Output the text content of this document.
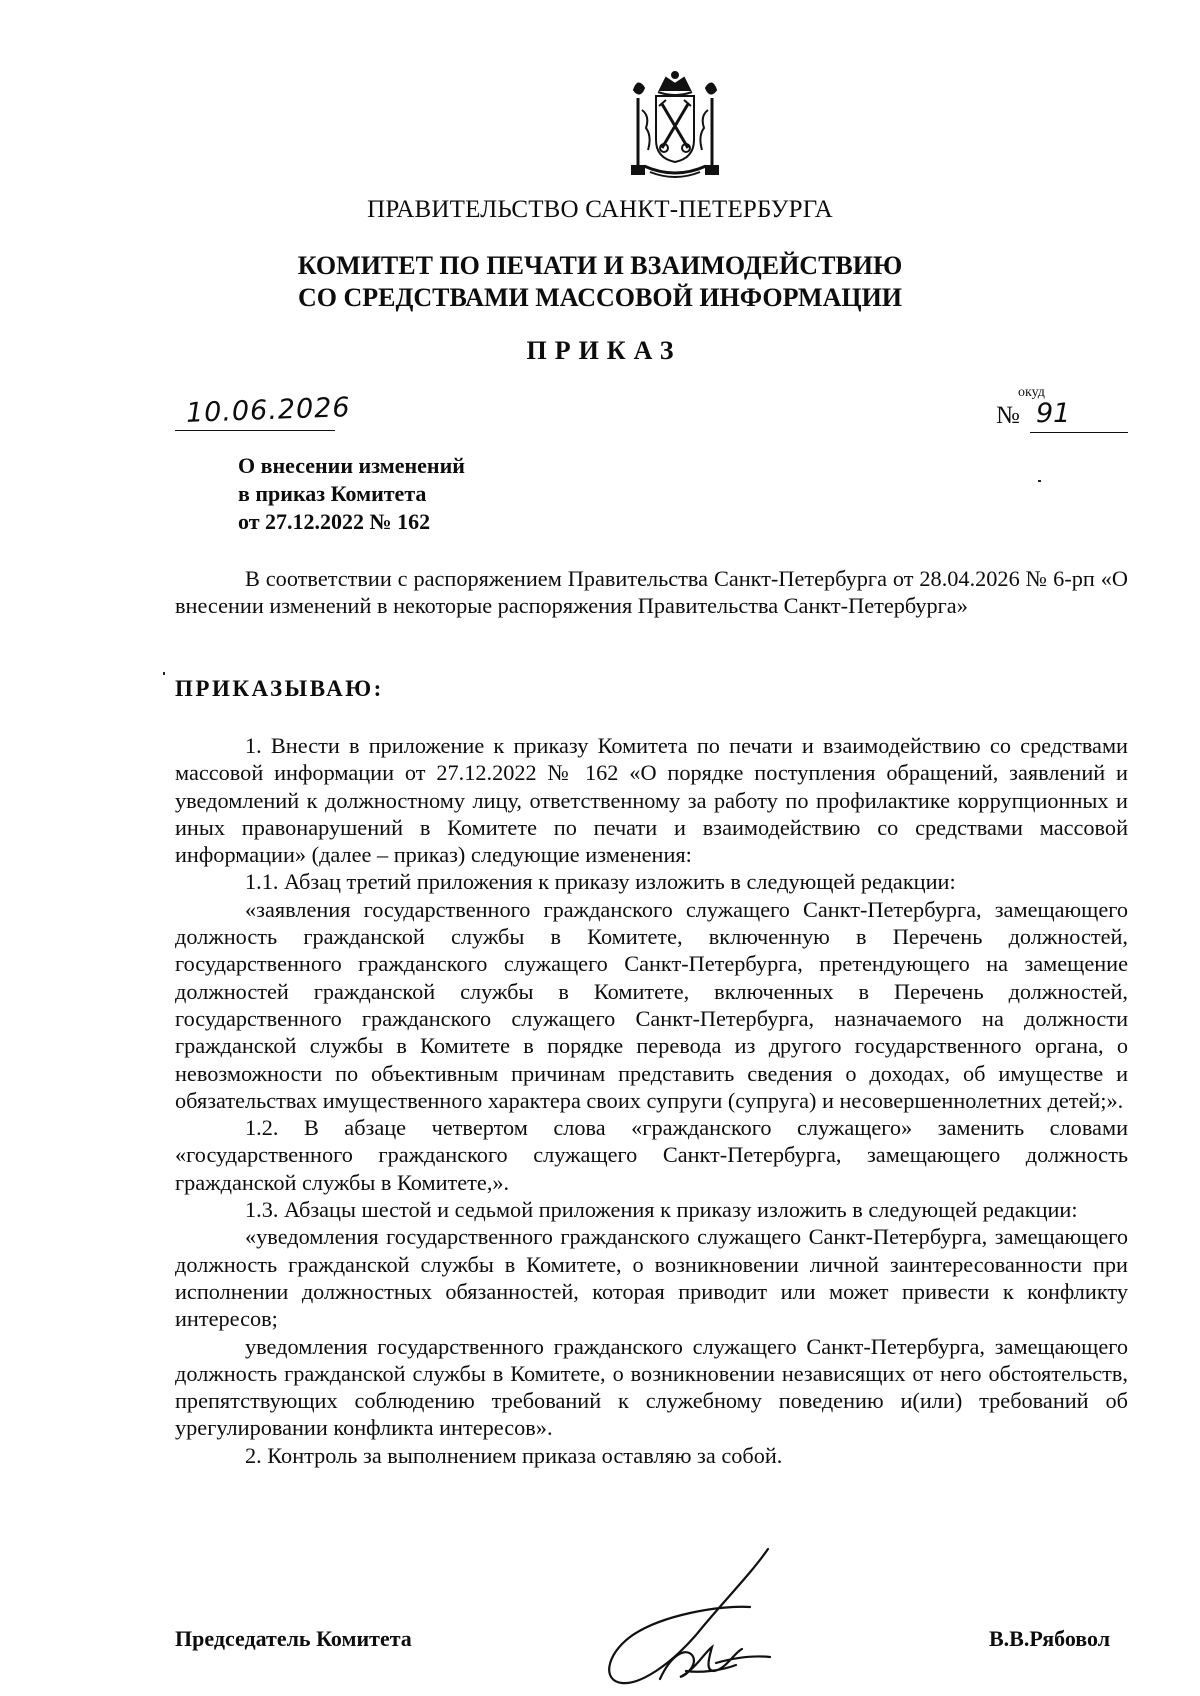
ПРАВИТЕЛЬСТВО САНКТ-ПЕТЕРБУРГА
КОМИТЕТ ПО ПЕЧАТИ И ВЗАИМОДЕЙСТВИЮ
СО СРЕДСТВАМИ МАССОВОЙ ИНФОРМАЦИИ
ПРИКАЗ
10.06.2026	окуд
№ 91
О внесении изменений
в приказ Комитета
от 27.12.2022 № 162

В соответствии с распоряжением Правительства Санкт-Петербурга от 28.04.2026 № 6-рп «О внесении изменений в некоторые распоряжения Правительства Санкт-Петербурга»

ПРИКАЗЫВАЮ:

1. Внести в приложение к приказу Комитета по печати и взаимодействию со средствами массовой информации от 27.12.2022 № 162 «О порядке поступления обращений, заявлений и уведомлений к должностному лицу, ответственному за работу по профилактике коррупционных и иных правонарушений в Комитете по печати и взаимодействию со средствами массовой информации» (далее – приказ) следующие изменения:

1.1. Абзац третий приложения к приказу изложить в следующей редакции:

«заявления государственного гражданского служащего Санкт-Петербурга, замещающего должность гражданской службы в Комитете, включенную в Перечень должностей, государственного гражданского служащего Санкт-Петербурга, претендующего на замещение должностей гражданской службы в Комитете, включенных в Перечень должностей, государственного гражданского служащего Санкт-Петербурга, назначаемого на должности гражданской службы в Комитете в порядке перевода из другого государственного органа, о невозможности по объективным причинам представить сведения о доходах, об имуществе и обязательствах имущественного характера своих супруги (супруга) и несовершеннолетних детей;».

1.2. В абзаце четвертом слова «гражданского служащего» заменить словами «государственного гражданского служащего Санкт-Петербурга, замещающего должность гражданской службы в Комитете,».

1.3. Абзацы шестой и седьмой приложения к приказу изложить в следующей редакции:

«уведомления государственного гражданского служащего Санкт-Петербурга, замещающего должность гражданской службы в Комитете, о возникновении личной заинтересованности при исполнении должностных обязанностей, которая приводит или может привести к конфликту интересов;

уведомления государственного гражданского служащего Санкт-Петербурга, замещающего должность гражданской службы в Комитете, о возникновении независящих от него обстоятельств, препятствующих соблюдению требований к служебному поведению и(или) требований об урегулировании конфликта интересов».

2. Контроль за выполнением приказа оставляю за собой.

Председатель Комитета	В.В.Рябовол
